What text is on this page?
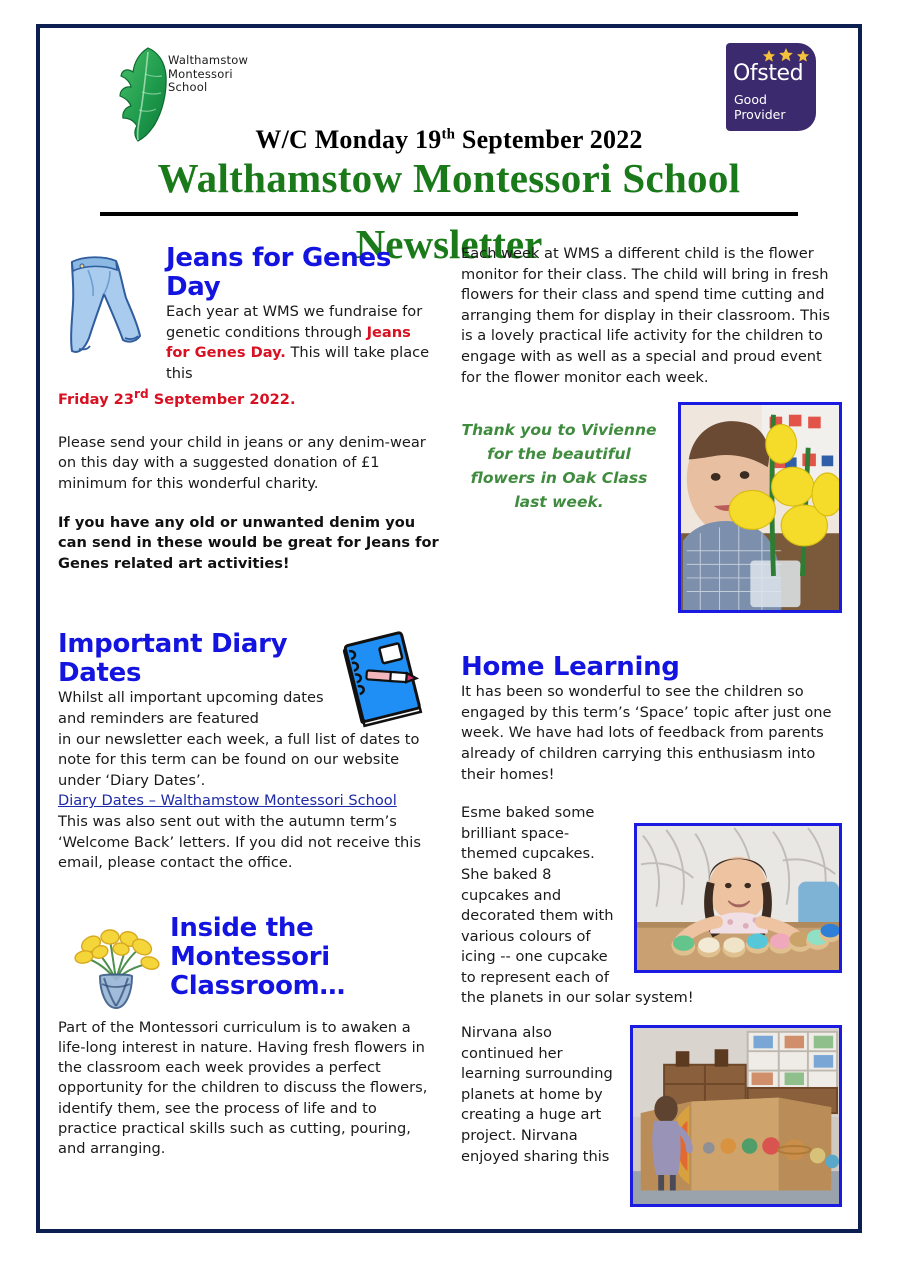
Walthamstow
Montessori
School
Ofsted
Good
Provider
W/C Monday 19th September 2022
Walthamstow Montessori School
Newsletter
Jeans for Genes Day

Each year at WMS we fundraise for genetic conditions through Jeans for Genes Day. This will take place this

Friday 23rd September 2022.

Please send your child in jeans or any denim-wear on this day with a suggested donation of £1 minimum for this wonderful charity.

If you have any old or unwanted denim you can send in these would be great for Jeans for Genes related art activities!

Important Diary Dates

Whilst all important upcoming dates and reminders are featured

in our newsletter each week, a full list of dates to note for this term can be found on our website under ‘Diary Dates’.

Diary Dates – Walthamstow Montessori School

This was also sent out with the autumn term’s ‘Welcome Back’ letters. If you did not receive this email, please contact the office.

Inside the Montessori Classroom…

Part of the Montessori curriculum is to awaken a life-long interest in nature. Having fresh flowers in the classroom each week provides a perfect opportunity for the children to discuss the flowers, identify them, see the process of life and to practice practical skills such as cutting, pouring, and arranging.

Each week at WMS a different child is the flower monitor for their class. The child will bring in fresh flowers for their class and spend time cutting and arranging them for display in their classroom. This is a lovely practical life activity for the children to engage with as well as a special and proud event for the flower monitor each week.

Thank you to Vivienne for the beautiful flowers in Oak Class last week.
Home Learning

It has been so wonderful to see the children so engaged by this term’s ‘Space’ topic after just one week. We have had lots of feedback from parents already of children carrying this enthusiasm into their homes!

Esme baked some brilliant space-themed cupcakes. She baked 8 cupcakes and decorated them with various colours of icing -- one cupcake to represent each of the planets in our solar system!

Nirvana also continued her learning surrounding planets at home by creating a huge art project. Nirvana enjoyed sharing this
